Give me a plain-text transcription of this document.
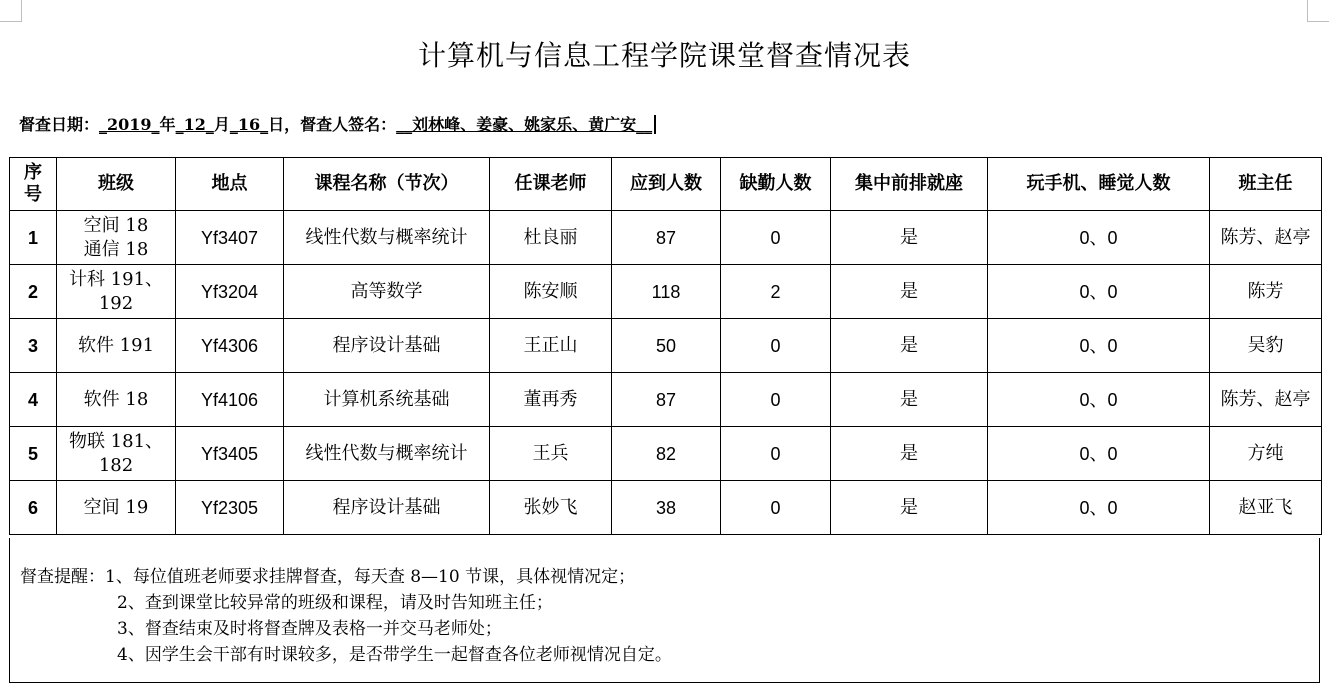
计算机与信息工程学院课堂督查情况表
督查日期：_2019_年_12_月_16_日，督查人签名：__刘林峰、姜豪、姚家乐、黄广安__
序号	班级	地点	课程名称（节次）	任课老师	应到人数	缺勤人数	集中前排就座	玩手机、睡觉人数	班主任
1	空间 18 通信 18	Yf3407	线性代数与概率统计	杜良丽	87	0	是	0、0	陈芳、赵亭
2	计科 191、192	Yf3204	高等数学	陈安顺	118	2	是	0、0	陈芳
3	软件 191	Yf4306	程序设计基础	王正山	50	0	是	0、0	吴豹
4	软件 18	Yf4106	计算机系统基础	董再秀	87	0	是	0、0	陈芳、赵亭
5	物联 181、182	Yf3405	线性代数与概率统计	王兵	82	0	是	0、0	方纯
6	空间 19	Yf2305	程序设计基础	张妙飞	38	0	是	0、0	赵亚飞
督查提醒：1、每位值班老师要求挂牌督查，每天查 8—10 节课，具体视情况定；
2、查到课堂比较异常的班级和课程，请及时告知班主任；
3、督查结束及时将督查牌及表格一并交马老师处；
4、因学生会干部有时课较多，是否带学生一起督查各位老师视情况自定。
